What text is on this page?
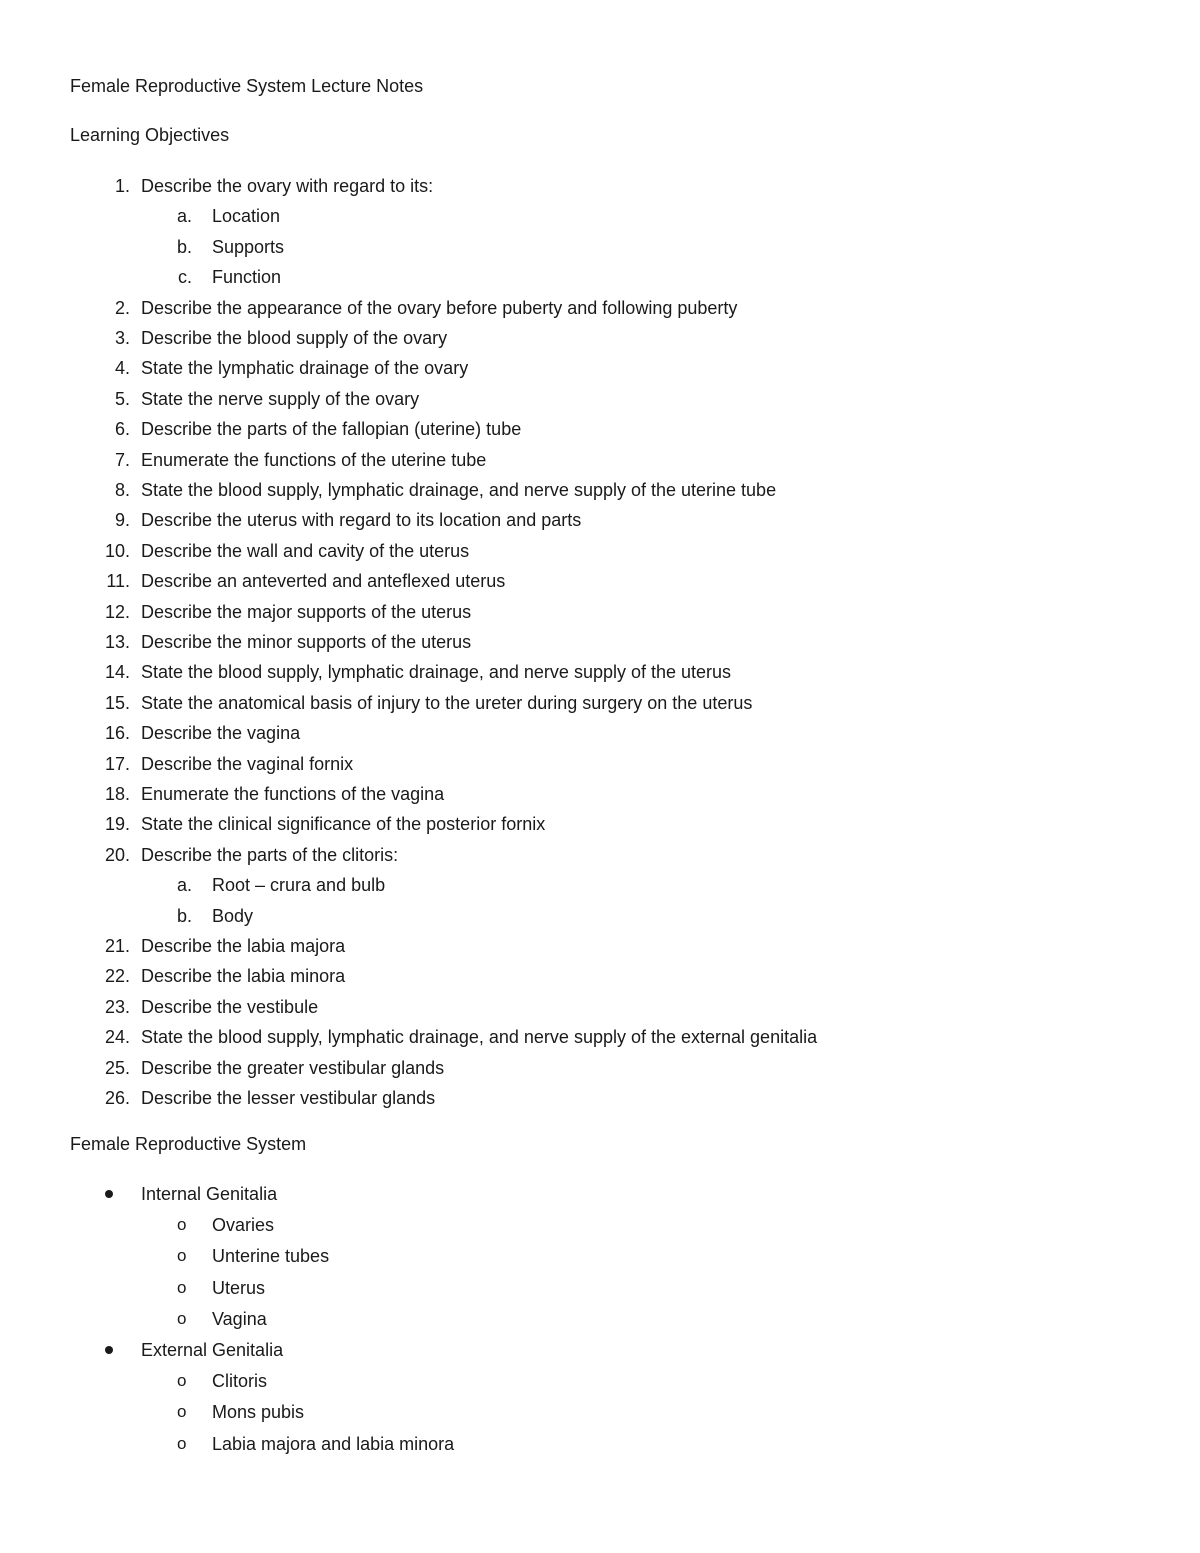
Female Reproductive System Lecture Notes
Learning Objectives
1. Describe the ovary with regard to its:
a. Location
b. Supports
c. Function
2. Describe the appearance of the ovary before puberty and following puberty
3. Describe the blood supply of the ovary
4. State the lymphatic drainage of the ovary
5. State the nerve supply of the ovary
6. Describe the parts of the fallopian (uterine) tube
7. Enumerate the functions of the uterine tube
8. State the blood supply, lymphatic drainage, and nerve supply of the uterine tube
9. Describe the uterus with regard to its location and parts
10. Describe the wall and cavity of the uterus
11. Describe an anteverted and anteflexed uterus
12. Describe the major supports of the uterus
13. Describe the minor supports of the uterus
14. State the blood supply, lymphatic drainage, and nerve supply of the uterus
15. State the anatomical basis of injury to the ureter during surgery on the uterus
16. Describe the vagina
17. Describe the vaginal fornix
18. Enumerate the functions of the vagina
19. State the clinical significance of the posterior fornix
20. Describe the parts of the clitoris:
a. Root – crura and bulb
b. Body
21. Describe the labia majora
22. Describe the labia minora
23. Describe the vestibule
24. State the blood supply, lymphatic drainage, and nerve supply of the external genitalia
25. Describe the greater vestibular glands
26. Describe the lesser vestibular glands
Female Reproductive System
Internal Genitalia
o Ovaries
o Unterine tubes
o Uterus
o Vagina
External Genitalia
o Clitoris
o Mons pubis
o Labia majora and labia minora
